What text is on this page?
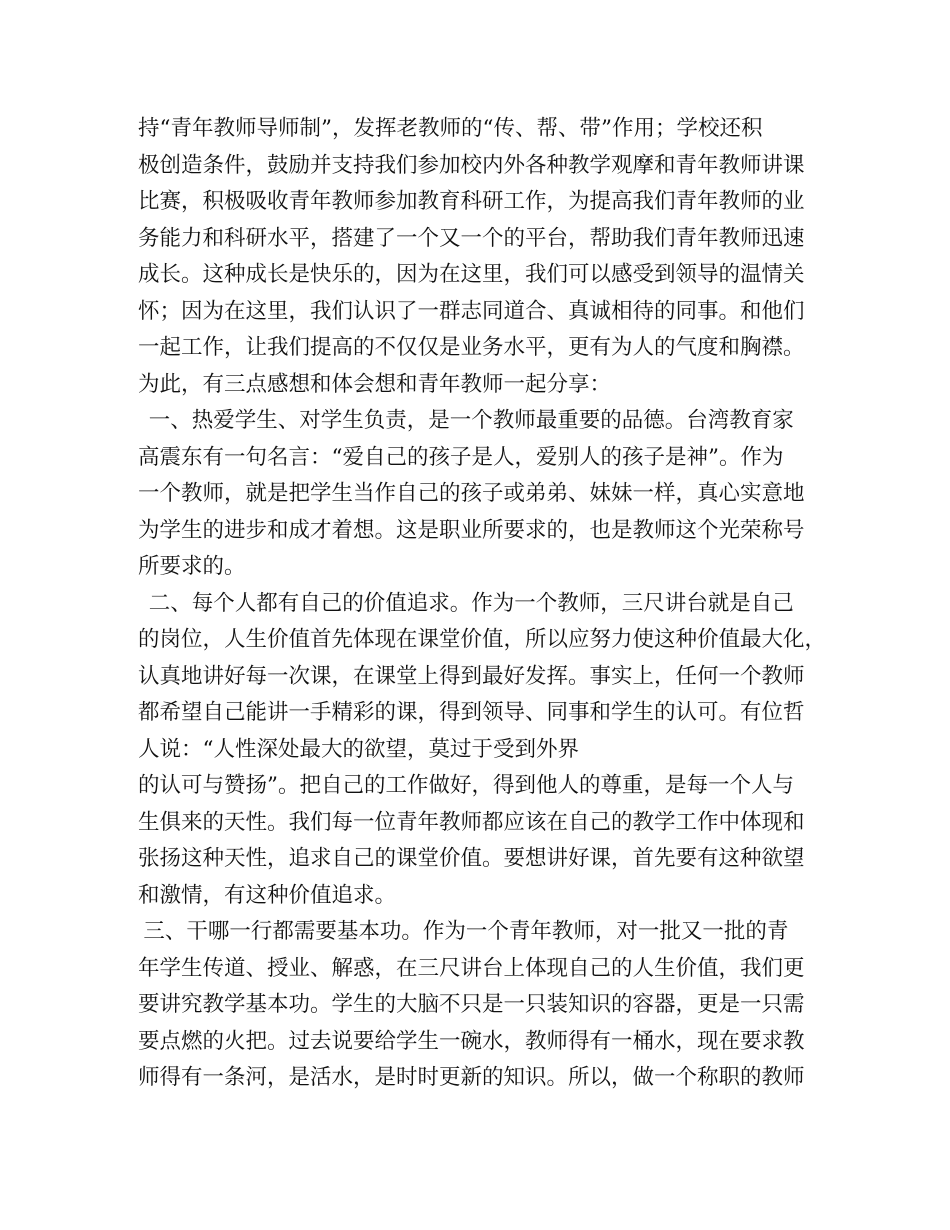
持“青年教师导师制”，发挥老教师的“传、帮、带”作用；学校还积
极创造条件，鼓励并支持我们参加校内外各种教学观摩和青年教师讲课
比赛，积极吸收青年教师参加教育科研工作，为提高我们青年教师的业
务能力和科研水平，搭建了一个又一个的平台，帮助我们青年教师迅速
成长。这种成长是快乐的，因为在这里，我们可以感受到领导的温情关
怀；因为在这里，我们认识了一群志同道合、真诚相待的同事。和他们
一起工作，让我们提高的不仅仅是业务水平，更有为人的气度和胸襟。
为此，有三点感想和体会想和青年教师一起分享：
一、热爱学生、对学生负责，是一个教师最重要的品德。台湾教育家
高震东有一句名言：“爱自己的孩子是人，爱别人的孩子是神”。作为
一个教师，就是把学生当作自己的孩子或弟弟、妹妹一样，真心实意地
为学生的进步和成才着想。这是职业所要求的，也是教师这个光荣称号
所要求的。
二、每个人都有自己的价值追求。作为一个教师，三尺讲台就是自己
的岗位，人生价值首先体现在课堂价值，所以应努力使这种价值最大化，
认真地讲好每一次课，在课堂上得到最好发挥。事实上，任何一个教师
都希望自己能讲一手精彩的课，得到领导、同事和学生的认可。有位哲
人说：“人性深处最大的欲望，莫过于受到外界
的认可与赞扬”。把自己的工作做好，得到他人的尊重，是每一个人与
生俱来的天性。我们每一位青年教师都应该在自己的教学工作中体现和
张扬这种天性，追求自己的课堂价值。要想讲好课，首先要有这种欲望
和激情，有这种价值追求。
三、干哪一行都需要基本功。作为一个青年教师，对一批又一批的青
年学生传道、授业、解惑，在三尺讲台上体现自己的人生价值，我们更
要讲究教学基本功。学生的大脑不只是一只装知识的容器，更是一只需
要点燃的火把。过去说要给学生一碗水，教师得有一桶水，现在要求教
师得有一条河，是活水，是时时更新的知识。所以，做一个称职的教师
